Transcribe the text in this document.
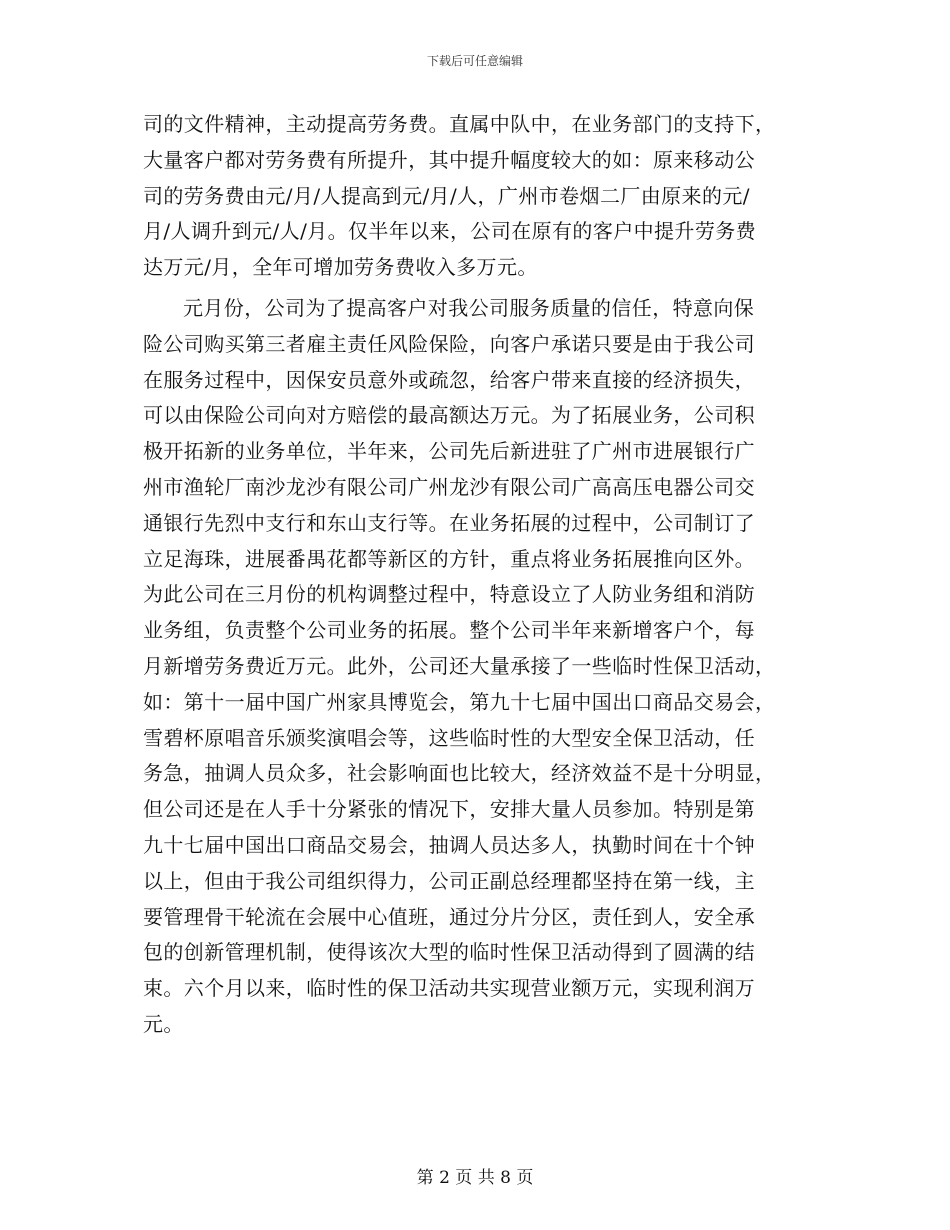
下载后可任意编辑
司的文件精神，主动提高劳务费。直属中队中，在业务部门的支持下，
大量客户都对劳务费有所提升，其中提升幅度较大的如：原来移动公
司的劳务费由元/月/人提高到元/月/人，广州市卷烟二厂由原来的元/
月/人调升到元/人/月。仅半年以来，公司在原有的客户中提升劳务费
达万元/月，全年可增加劳务费收入多万元。
元月份，公司为了提高客户对我公司服务质量的信任，特意向保
险公司购买第三者雇主责任风险保险，向客户承诺只要是由于我公司
在服务过程中，因保安员意外或疏忽，给客户带来直接的经济损失，
可以由保险公司向对方赔偿的最高额达万元。为了拓展业务，公司积
极开拓新的业务单位，半年来，公司先后新进驻了广州市进展银行广
州市渔轮厂南沙龙沙有限公司广州龙沙有限公司广高高压电器公司交
通银行先烈中支行和东山支行等。在业务拓展的过程中，公司制订了
立足海珠，进展番禺花都等新区的方针，重点将业务拓展推向区外。
为此公司在三月份的机构调整过程中，特意设立了人防业务组和消防
业务组，负责整个公司业务的拓展。整个公司半年来新增客户个，每
月新增劳务费近万元。此外，公司还大量承接了一些临时性保卫活动，
如：第十一届中国广州家具博览会，第九十七届中国出口商品交易会，
雪碧杯原唱音乐颁奖演唱会等，这些临时性的大型安全保卫活动，任
务急，抽调人员众多，社会影响面也比较大，经济效益不是十分明显，
但公司还是在人手十分紧张的情况下，安排大量人员参加。特别是第
九十七届中国出口商品交易会，抽调人员达多人，执勤时间在十个钟
以上，但由于我公司组织得力，公司正副总经理都坚持在第一线，主
要管理骨干轮流在会展中心值班，通过分片分区，责任到人，安全承
包的创新管理机制，使得该次大型的临时性保卫活动得到了圆满的结
束。六个月以来，临时性的保卫活动共实现营业额万元，实现利润万
元。
第 2 页 共 8 页
